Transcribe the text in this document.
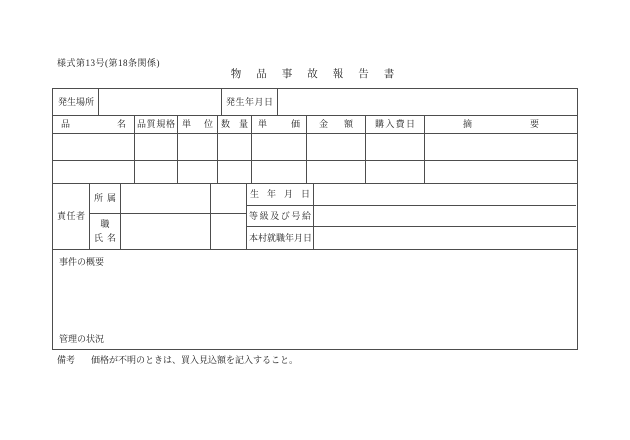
様式第13号(第18条関係)
物品事故報告書
発生場所	発生年月日
品名 品質規格 単位 数量 単価 金額 購入費日	摘要
責任者
所属
職
氏名
生年月日
等級及び号給
本村就職年月日
事件の概要
管理の状況
備考 価格が不明のときは、買入見込額を記入すること。
